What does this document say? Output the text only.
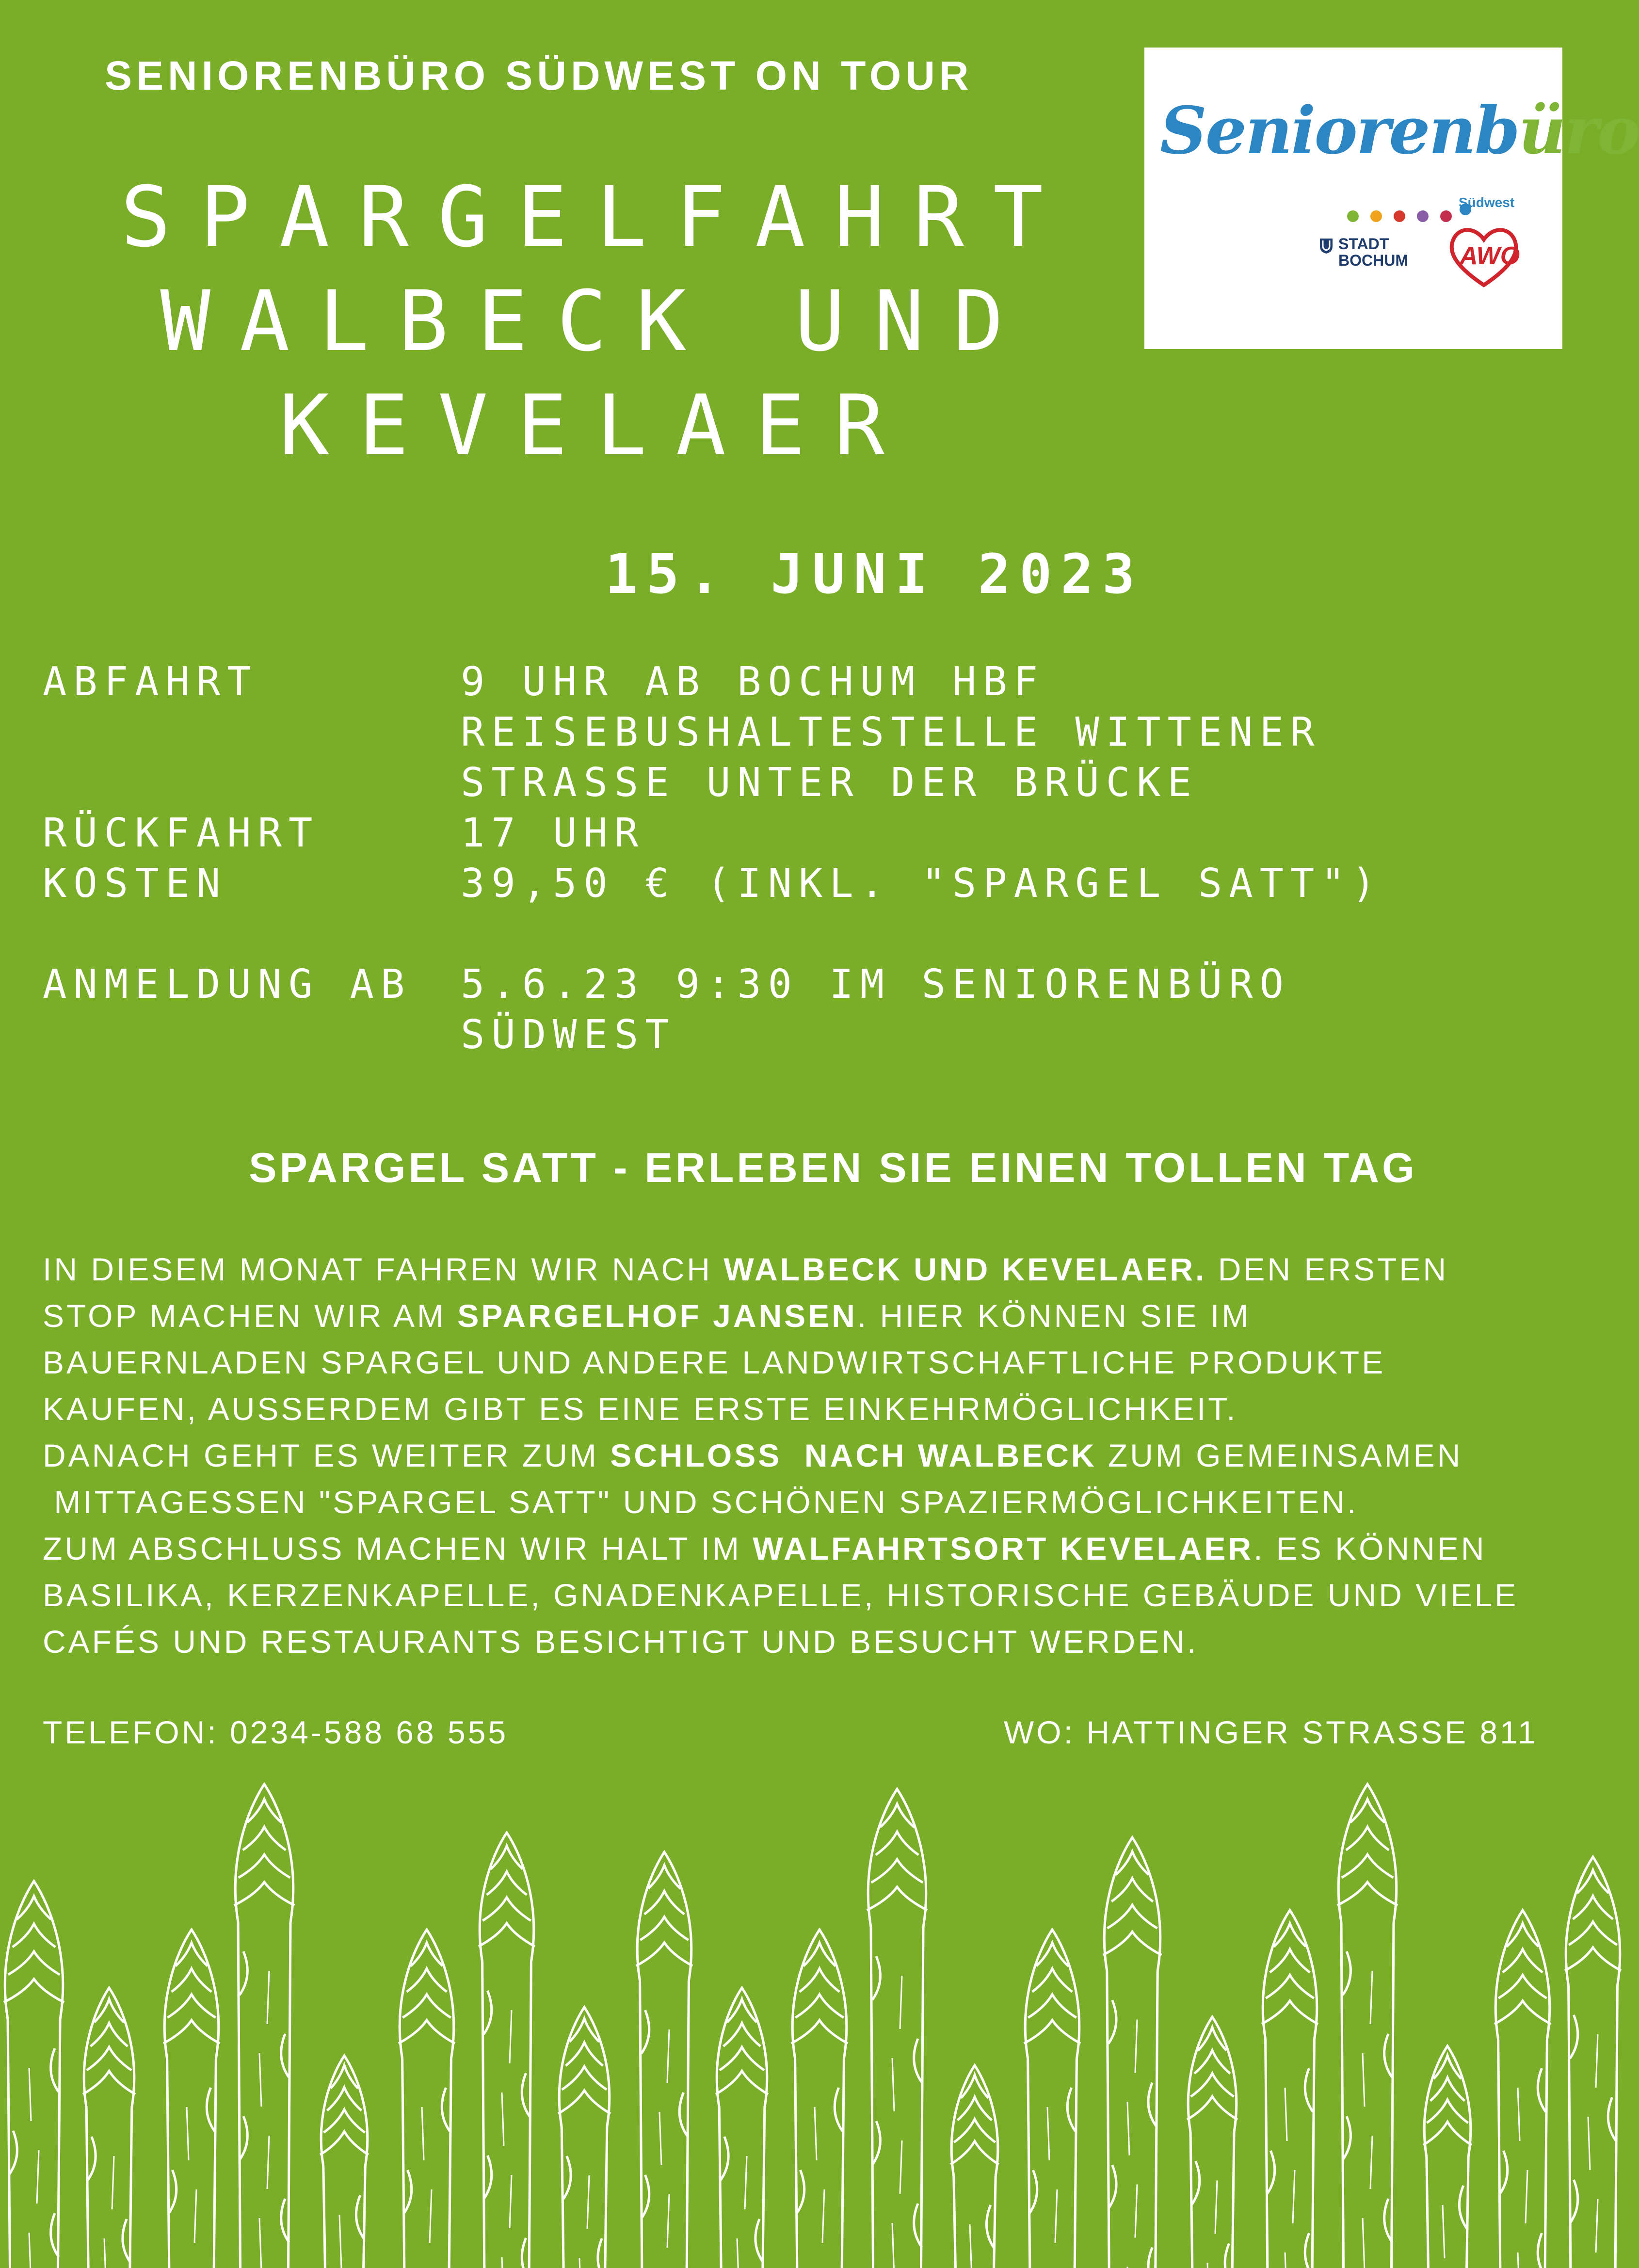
SENIORENBÜRO SÜDWEST ON TOUR
SPARGELFAHRT
WALBECK UND
KEVELAER
Seniorenbüro
Südwest
STADT
BOCHUM AWO
15. JUNI 2023
ABFAHRT	9 UHR AB BOCHUM HBF
REISEBUSHALTESTELLE WITTENER
STRASSE UNTER DER BRÜCKE
RÜCKFAHRT	17 UHR
KOSTEN	39,50 € (INKL. "SPARGEL SATT")
ANMELDUNG AB 5.6.23 9:30 IM SENIORENBÜRO
SÜDWEST
SPARGEL SATT - ERLEBEN SIE EINEN TOLLEN TAG
IN DIESEM MONAT FAHREN WIR NACH WALBECK UND KEVELAER. DEN ERSTEN
STOP MACHEN WIR AM SPARGELHOF JANSEN. HIER KÖNNEN SIE IM
BAUERNLADEN SPARGEL UND ANDERE LANDWIRTSCHAFTLICHE PRODUKTE
KAUFEN, AUSSERDEM GIBT ES EINE ERSTE EINKEHRMÖGLICHKEIT.
DANACH GEHT ES WEITER ZUM SCHLOSS  NACH WALBECK ZUM GEMEINSAMEN
MITTAGESSEN "SPARGEL SATT" UND SCHÖNEN SPAZIERMÖGLICHKEITEN.
ZUM ABSCHLUSS MACHEN WIR HALT IM WALFAHRTSORT KEVELAER. ES KÖNNEN
BASILIKA, KERZENKAPELLE, GNADENKAPELLE, HISTORISCHE GEBÄUDE UND VIELE
CAFÉS UND RESTAURANTS BESICHTIGT UND BESUCHT WERDEN.
TELEFON: 0234-588 68 555	WO: HATTINGER STRASSE 811
